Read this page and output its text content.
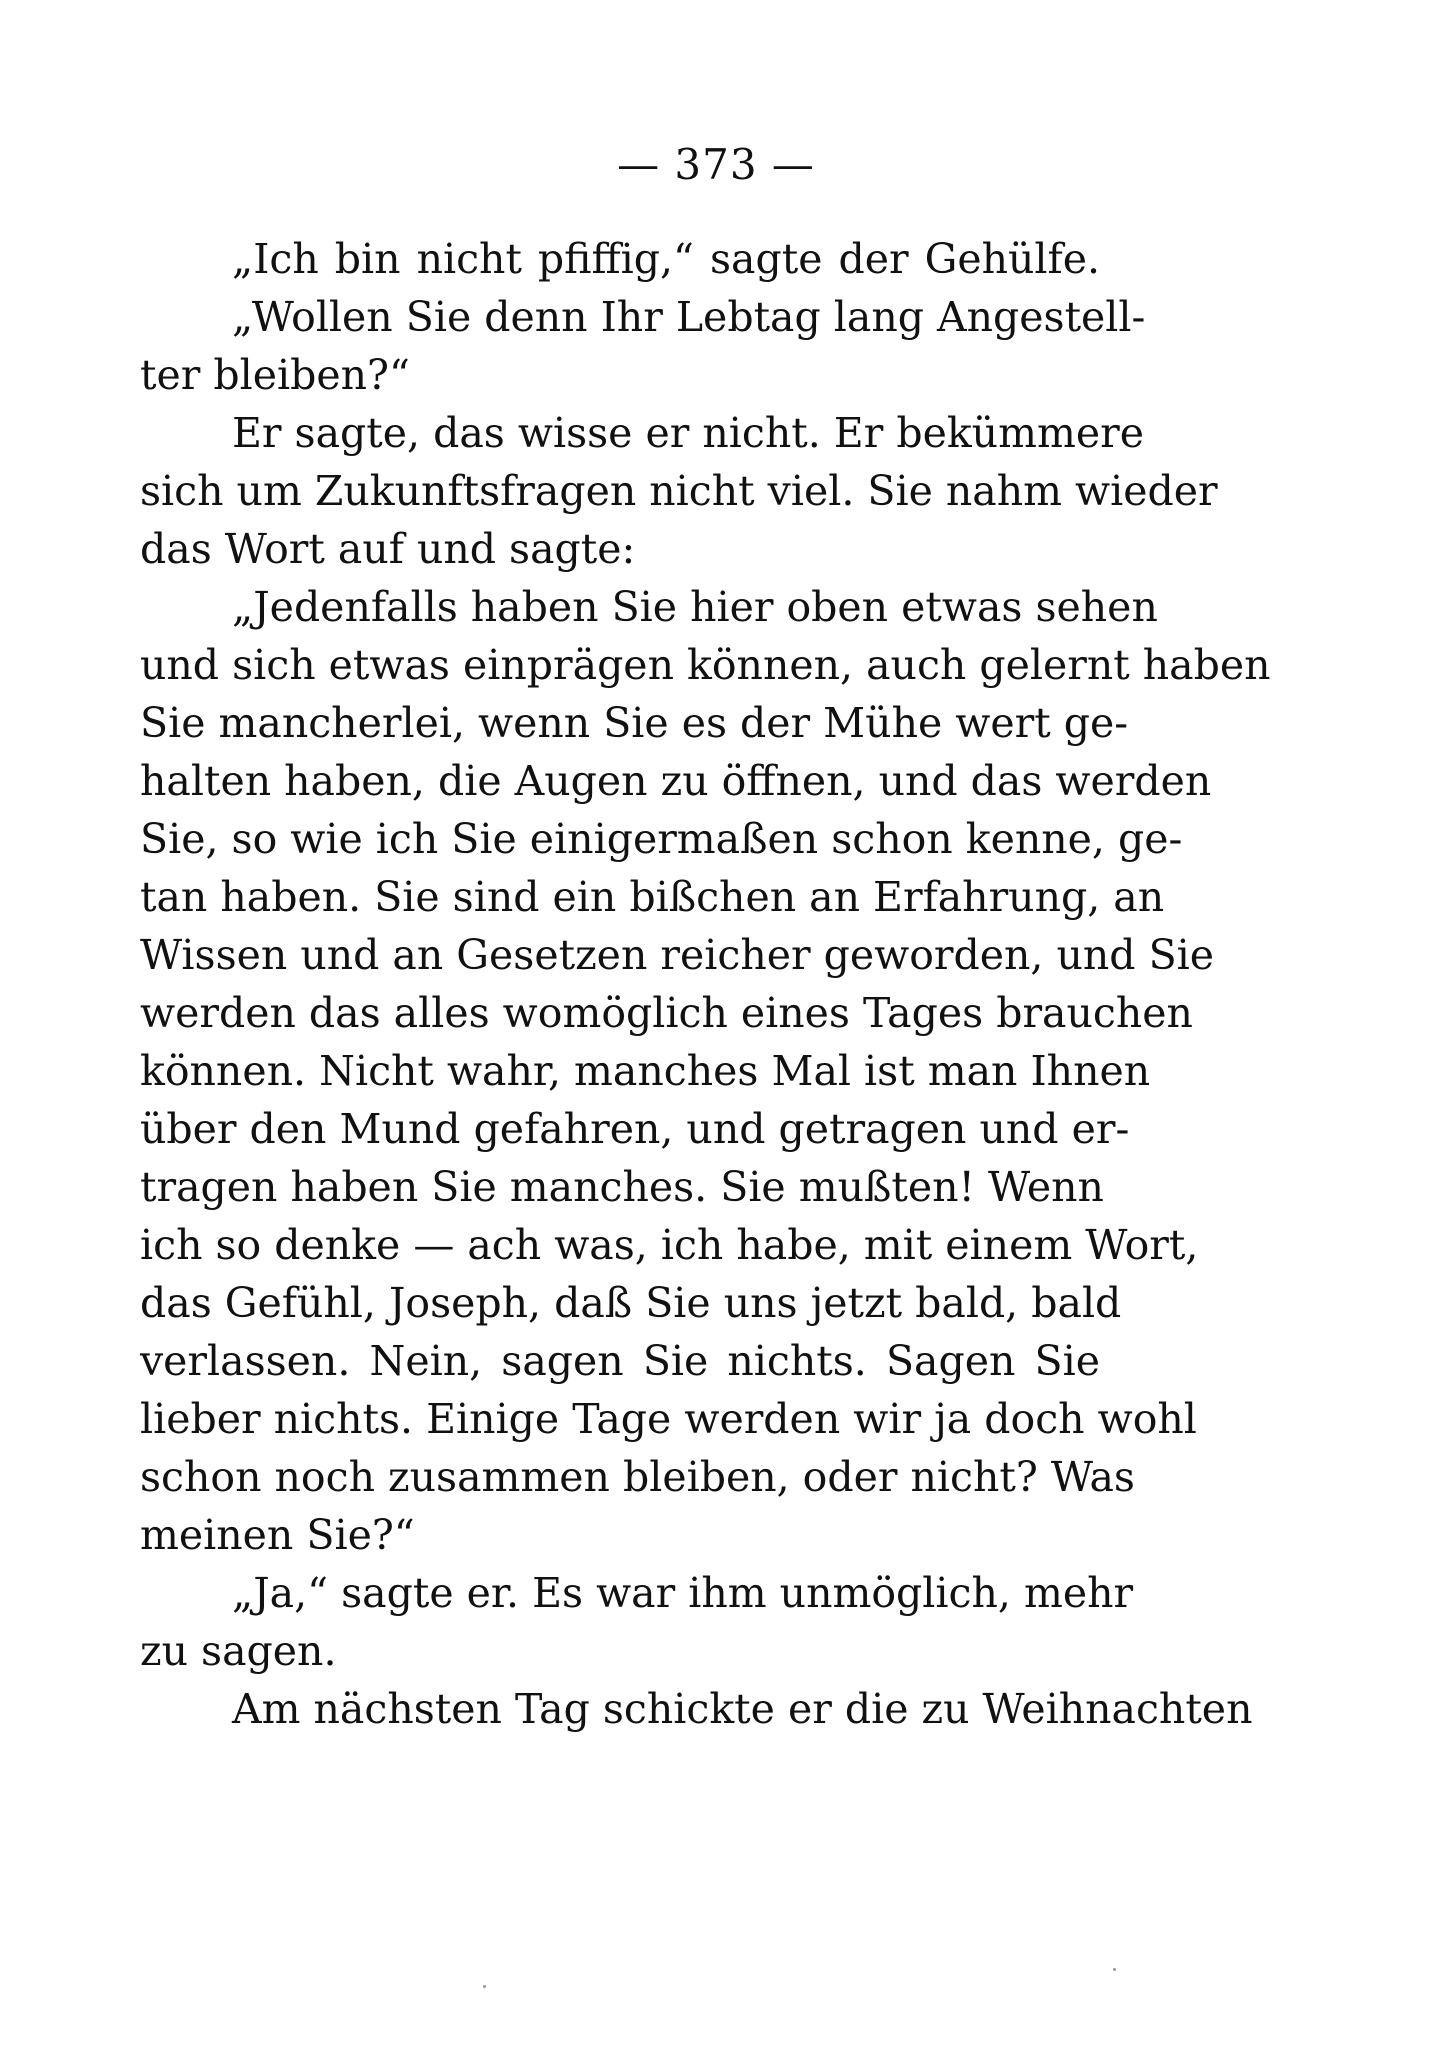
— 373 —
„Ich bin nicht pfiffig,“ sagte der Gehülfe.
„Wollen Sie denn Ihr Lebtag lang Angestell-
ter bleiben?“
Er sagte, das wisse er nicht. Er bekümmere
sich um Zukunftsfragen nicht viel. Sie nahm wieder
das Wort auf und sagte:
„Jedenfalls haben Sie hier oben etwas sehen
und sich etwas einprägen können, auch gelernt haben
Sie mancherlei, wenn Sie es der Mühe wert ge-
halten haben, die Augen zu öffnen, und das werden
Sie, so wie ich Sie einigermaßen schon kenne, ge-
tan haben. Sie sind ein bißchen an Erfahrung, an
Wissen und an Gesetzen reicher geworden, und Sie
werden das alles womöglich eines Tages brauchen
können. Nicht wahr, manches Mal ist man Ihnen
über den Mund gefahren, und getragen und er-
tragen haben Sie manches. Sie mußten! Wenn
ich so denke — ach was, ich habe, mit einem Wort,
das Gefühl, Joseph, daß Sie uns jetzt bald, bald
verlassen. Nein, sagen Sie nichts. Sagen Sie
lieber nichts. Einige Tage werden wir ja doch wohl
schon noch zusammen bleiben, oder nicht? Was
meinen Sie?“
„Ja,“ sagte er. Es war ihm unmöglich, mehr
zu sagen.
Am nächsten Tag schickte er die zu Weihnachten
